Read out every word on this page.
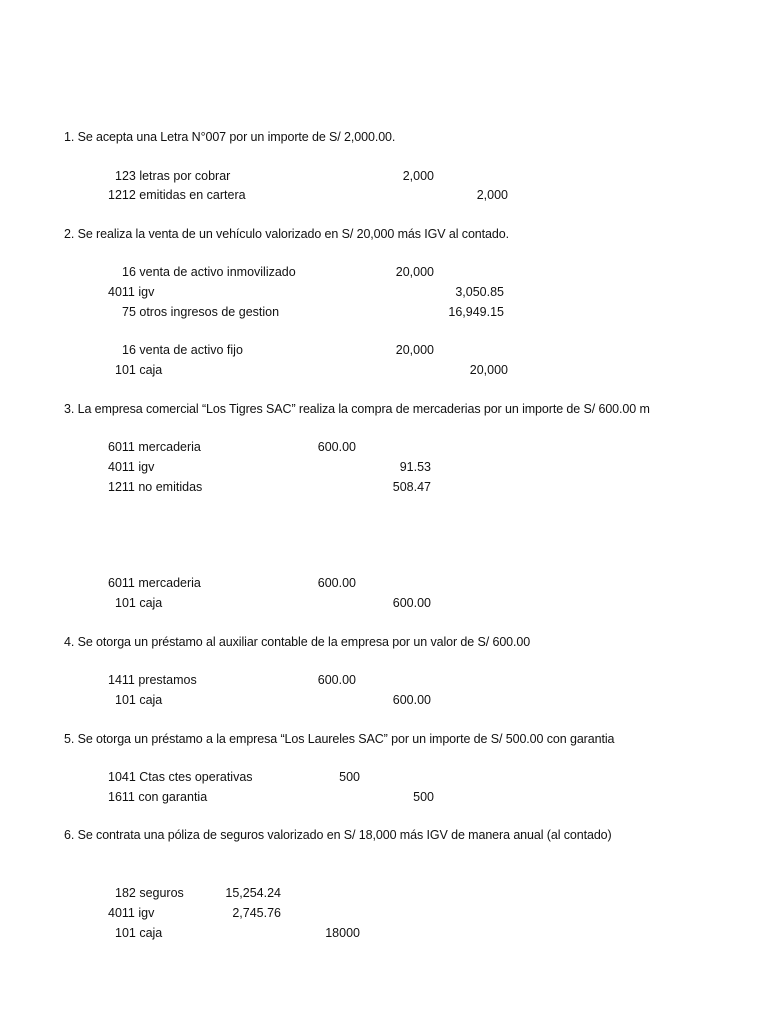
1. Se acepta una Letra N°007 por un importe de S/ 2,000.00.
123 letras por cobrar	2,000
1212 emitidas en cartera	2,000
2. Se realiza la venta de un vehículo valorizado en S/ 20,000 más IGV al contado.
16 venta de activo inmovilizado	20,000
4011 igv	3,050.85
75 otros ingresos de gestion	16,949.15
16 venta de activo fijo	20,000
101 caja	20,000
3. La empresa comercial “Los Tigres SAC” realiza la compra de mercaderias por un importe de S/ 600.00 m
6011 mercaderia	600.00
4011 igv	91.53
1211 no emitidas	508.47
6011 mercaderia	600.00
101 caja	600.00
4. Se otorga un préstamo al auxiliar contable de la empresa por un valor de S/ 600.00
1411 prestamos	600.00
101 caja	600.00
5. Se otorga un préstamo a la empresa “Los Laureles SAC” por un importe de S/ 500.00 con garantia
1041 Ctas ctes operativas	500
1611 con garantia	500
6. Se contrata una póliza de seguros valorizado en S/ 18,000 más IGV de manera anual (al contado)
182 seguros	15,254.24
4011 igv	2,745.76
101 caja	18000
